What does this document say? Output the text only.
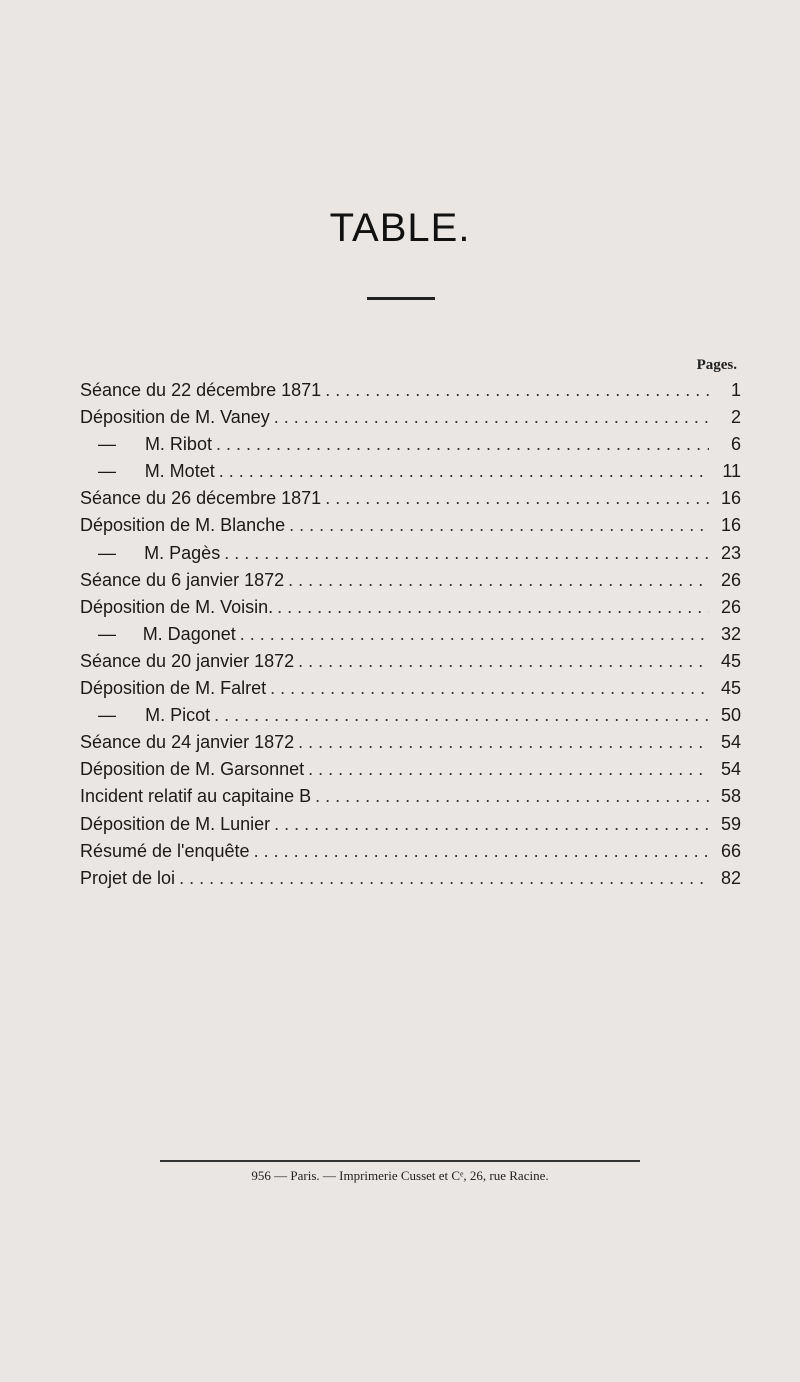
TABLE.
Pages.
Séance du 22 décembre 1871 . . .	1
Déposition de M. Vaney . . .	2
—	M. Ribot . . .	6
—	M. Motet . . .	11
Séance du 26 décembre 1871 . . .	16
Déposition de M. Blanche . . .	16
—	M. Pagès . . .	23
Séance du 6 janvier 1872 . . .	26
Déposition de M. Voisin. . . .	26
—	M. Dagonet . . .	32
Séance du 20 janvier 1872 . . .	45
Déposition de M. Falret . . .	45
—	M. Picot . . .	50
Séance du 24 janvier 1872 . . .	54
Déposition de M. Garsonnet . . .	54
Incident relatif au capitaine B . . .	58
Déposition de M. Lunier . . .	59
Résumé de l'enquête . . .	66
Projet de loi . . .	82
956 — Paris. — Imprimerie Cusset et Cᵉ, 26, rue Racine.
